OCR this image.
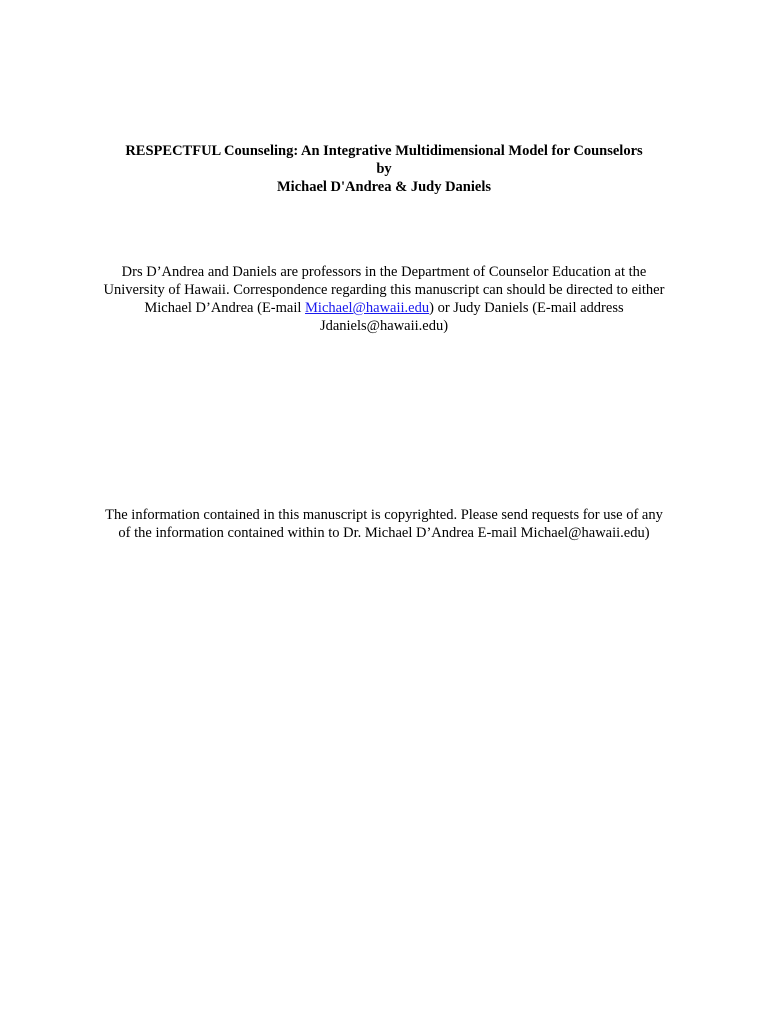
RESPECTFUL Counseling: An Integrative Multidimensional Model for Counselors
by
Michael D'Andrea & Judy Daniels
Drs D’Andrea and Daniels are professors in the Department of Counselor Education at the
University of Hawaii. Correspondence regarding this manuscript can should be directed to either
Michael D’Andrea (E-mail Michael@hawaii.edu) or Judy Daniels (E-mail address
Jdaniels@hawaii.edu)
The information contained in this manuscript is copyrighted. Please send requests for use of any
of the information contained within to Dr. Michael D’Andrea E-mail Michael@hawaii.edu)
